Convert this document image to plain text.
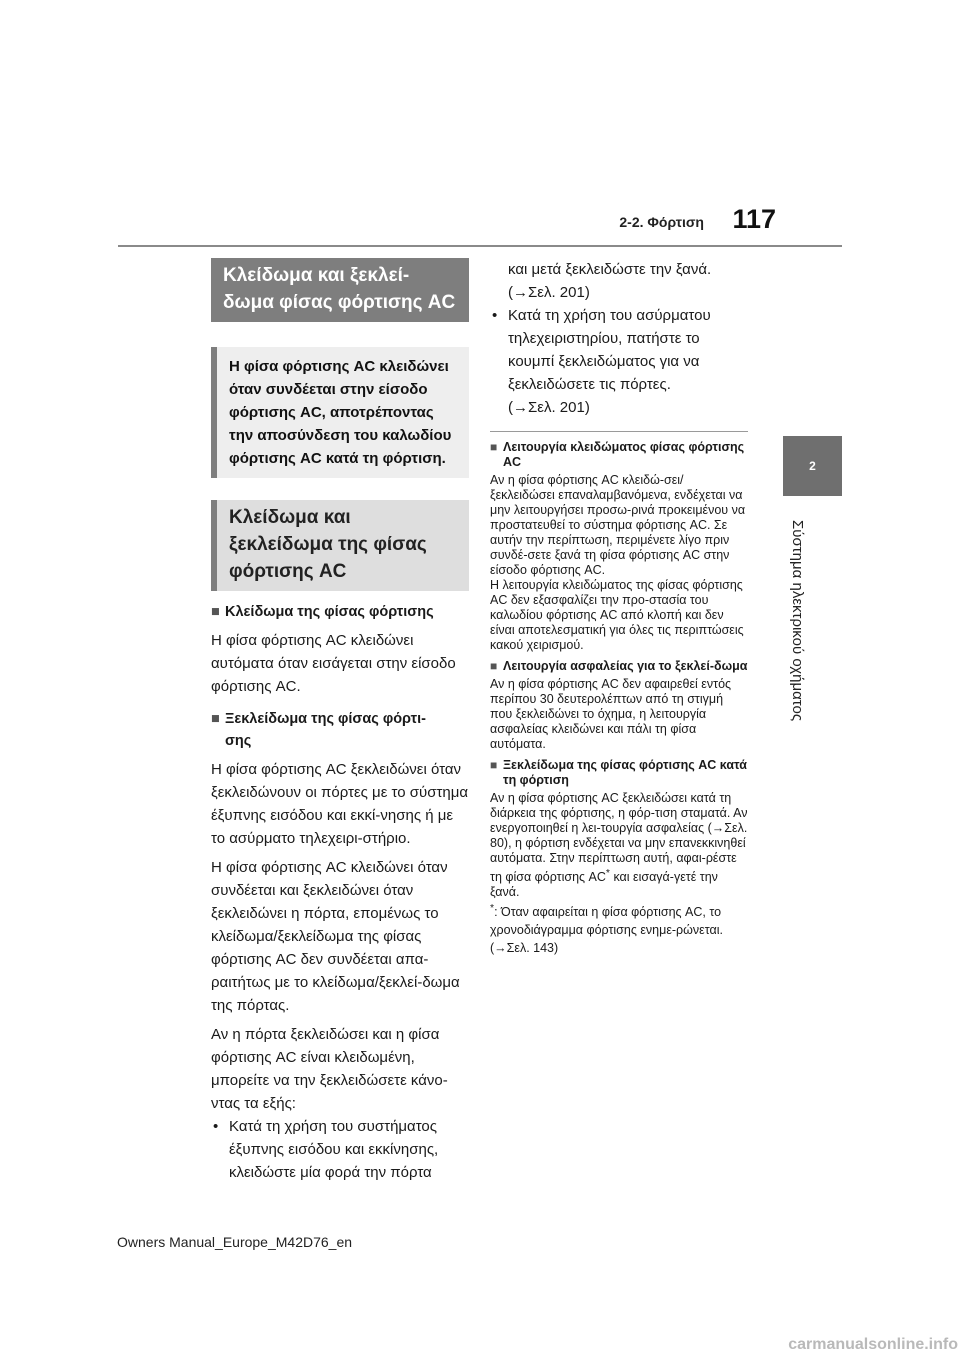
2-2. Φόρτιση	117
2
Σύστημα ηλεκτρικού οχήματος
Κλείδωμα και ξεκλεί-
δωμα φίσας φόρτισης AC
Η φίσα φόρτισης AC κλειδώνει όταν συνδέεται στην είσοδο φόρτισης AC, αποτρέποντας την αποσύνδεση του καλωδίου φόρτισης AC κατά τη φόρτιση.
Κλείδωμα και ξεκλείδωμα της φίσας φόρτισης AC

■ Κλείδωμα της φίσας φόρτισης

Η φίσα φόρτισης AC κλειδώνει αυτόματα όταν εισάγεται στην είσοδο φόρτισης AC.

■ Ξεκλείδωμα της φίσας φόρτι-
σης

Η φίσα φόρτισης AC ξεκλειδώνει όταν ξεκλειδώνουν οι πόρτες με το σύστημα έξυπνης εισόδου και εκκί-νησης ή με το ασύρματο τηλεχειρι-στήριο.

Η φίσα φόρτισης AC κλειδώνει όταν συνδέεται και ξεκλειδώνει όταν ξεκλειδώνει η πόρτα, επομένως το κλείδωμα/ξεκλείδωμα της φίσας φόρτισης AC δεν συνδέεται απα-ραιτήτως με το κλείδωμα/ξεκλεί-δωμα της πόρτας.

Αν η πόρτα ξεκλειδώσει και η φίσα φόρτισης AC είναι κλειδωμένη, μπορείτε να την ξεκλειδώσετε κάνο-ντας τα εξής:

• Κατά τη χρήση του συστήματος έξυπνης εισόδου και εκκίνησης, κλειδώστε μία φορά την πόρτα

και μετά ξεκλειδώστε την ξανά.

(→Σελ. 201)

• Κατά τη χρήση του ασύρματου τηλεχειριστηρίου, πατήστε το κουμπί ξεκλειδώματος για να ξεκλειδώσετε τις πόρτες.

(→Σελ. 201)

■ Λειτουργία κλειδώματος φίσας φόρτισης AC

Αν η φίσα φόρτισης AC κλειδώ-σει/ξεκλειδώσει επαναλαμβανόμενα, ενδέχεται να μην λειτουργήσει προσω-ρινά προκειμένου να προστατευθεί το σύστημα φόρτισης AC. Σε αυτήν την περίπτωση, περιμένετε λίγο πριν συνδέ-σετε ξανά τη φίσα φόρτισης AC στην είσοδο φόρτισης AC.

Η λειτουργία κλειδώματος της φίσας φόρτισης AC δεν εξασφαλίζει την προ-στασία του καλωδίου φόρτισης AC από κλοπή και δεν είναι αποτελεσματική για όλες τις περιπτώσεις κακού χειρισμού.

■ Λειτουργία ασφαλείας για το ξεκλεί-δωμα

Αν η φίσα φόρτισης AC δεν αφαιρεθεί εντός περίπου 30 δευτερολέπτων από τη στιγμή που ξεκλειδώνει το όχημα, η λειτουργία ασφαλείας κλειδώνει και πάλι τη φίσα αυτόματα.

■ Ξεκλείδωμα της φίσας φόρτισης AC κατά τη φόρτιση

Αν η φίσα φόρτισης AC ξεκλειδώσει κατά τη διάρκεια της φόρτισης, η φόρ-τιση σταματά. Αν ενεργοποιηθεί η λει-τουργία ασφαλείας (→Σελ. 80), η φόρτιση ενδέχεται να μην επανεκκινηθεί αυτόματα. Στην περίπτωση αυτή, αφαι-ρέστε τη φίσα φόρτισης AC* και εισαγά-γετέ την ξανά.

*: Όταν αφαιρείται η φίσα φόρτισης AC, το χρονοδιάγραμμα φόρτισης ενημε-ρώνεται. (→Σελ. 143)

Owners Manual_Europe_M42D76_en
carmanualsonline.info
